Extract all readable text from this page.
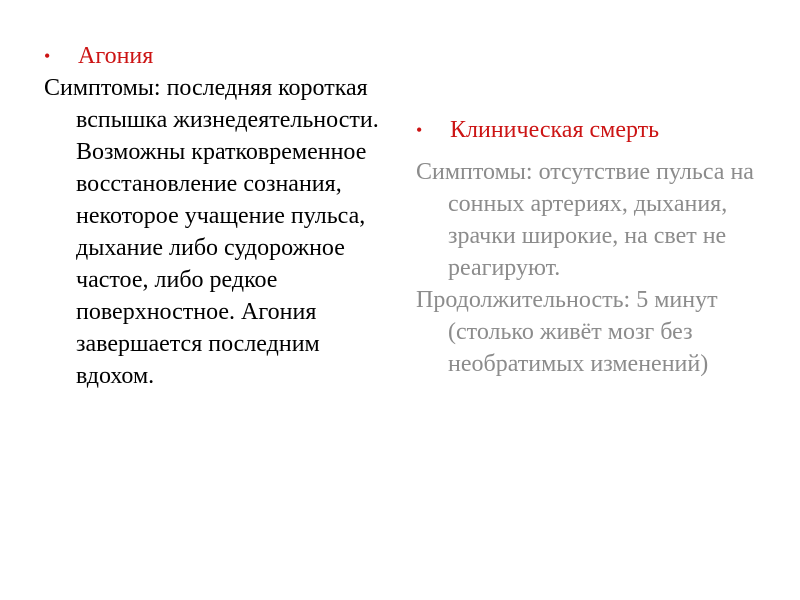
•	Агония

Симптомы: последняя короткая вспышка жизнедеятельности. Возможны кратковременное восстановление сознания, некоторое учащение пульса, дыхание либо судорожное частое, либо редкое поверхностное. Агония завершается последним вдохом.

•	Клиническая смерть

Симптомы: отсутствие пульса на сонных артериях, дыхания, зрачки широкие, на свет не реагируют.

Продолжительность: 5 минут (столько живёт мозг без необратимых изменений)
